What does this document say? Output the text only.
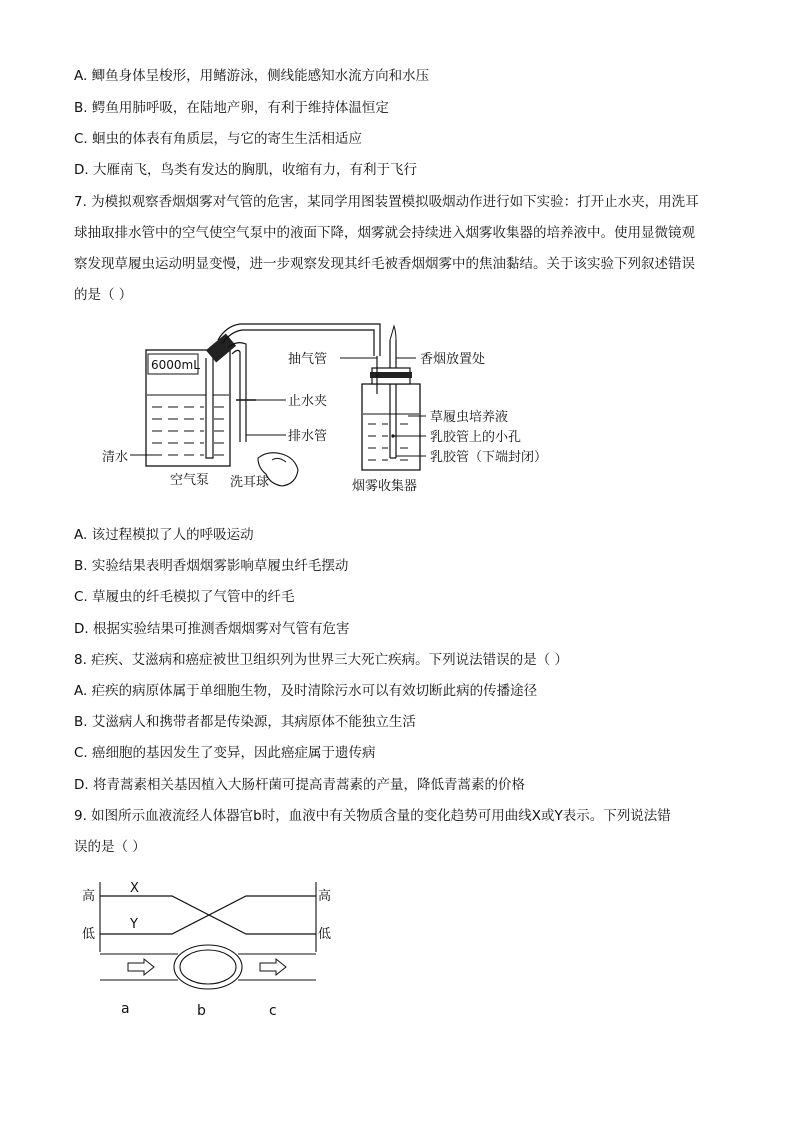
A. 鲫鱼身体呈梭形，用鳍游泳，侧线能感知水流方向和水压
B. 鳄鱼用肺呼吸，在陆地产卵，有利于维持体温恒定
C. 蛔虫的体表有角质层，与它的寄生生活相适应
D. 大雁南飞，鸟类有发达的胸肌，收缩有力，有利于飞行
7. 为模拟观察香烟烟雾对气管的危害，某同学用图装置模拟吸烟动作进行如下实验：打开止水夹，用洗耳
球抽取排水管中的空气使空气泵中的液面下降，烟雾就会持续进入烟雾收集器的培养液中。使用显微镜观
察发现草履虫运动明显变慢，进一步观察发现其纤毛被香烟烟雾中的焦油黏结。关于该实验下列叙述错误
的是（ ）
6000mL
止水夹
排水管
清水
空气泵 洗耳球
抽气管	香烟放置处
草履虫培养液
乳胶管上的小孔
乳胶管（下端封闭）
烟雾收集器
A. 该过程模拟了人的呼吸运动
B. 实验结果表明香烟烟雾影响草履虫纤毛摆动
C. 草履虫的纤毛模拟了气管中的纤毛
D. 根据实验结果可推测香烟烟雾对气管有危害
8. 疟疾、艾滋病和癌症被世卫组织列为世界三大死亡疾病。下列说法错误的是（ ）
A. 疟疾的病原体属于单细胞生物，及时清除污水可以有效切断此病的传播途径
B. 艾滋病人和携带者都是传染源，其病原体不能独立生活
C. 癌细胞的基因发生了变异，因此癌症属于遗传病
D. 将青蒿素相关基因植入大肠杆菌可提高青蒿素的产量，降低青蒿素的价格
9. 如图所示血液流经人体器官b时，血液中有关物质含量的变化趋势可用曲线X或Y表示。下列说法错
误的是（ ）
高
低
高
低
X
Y
a	b	c
